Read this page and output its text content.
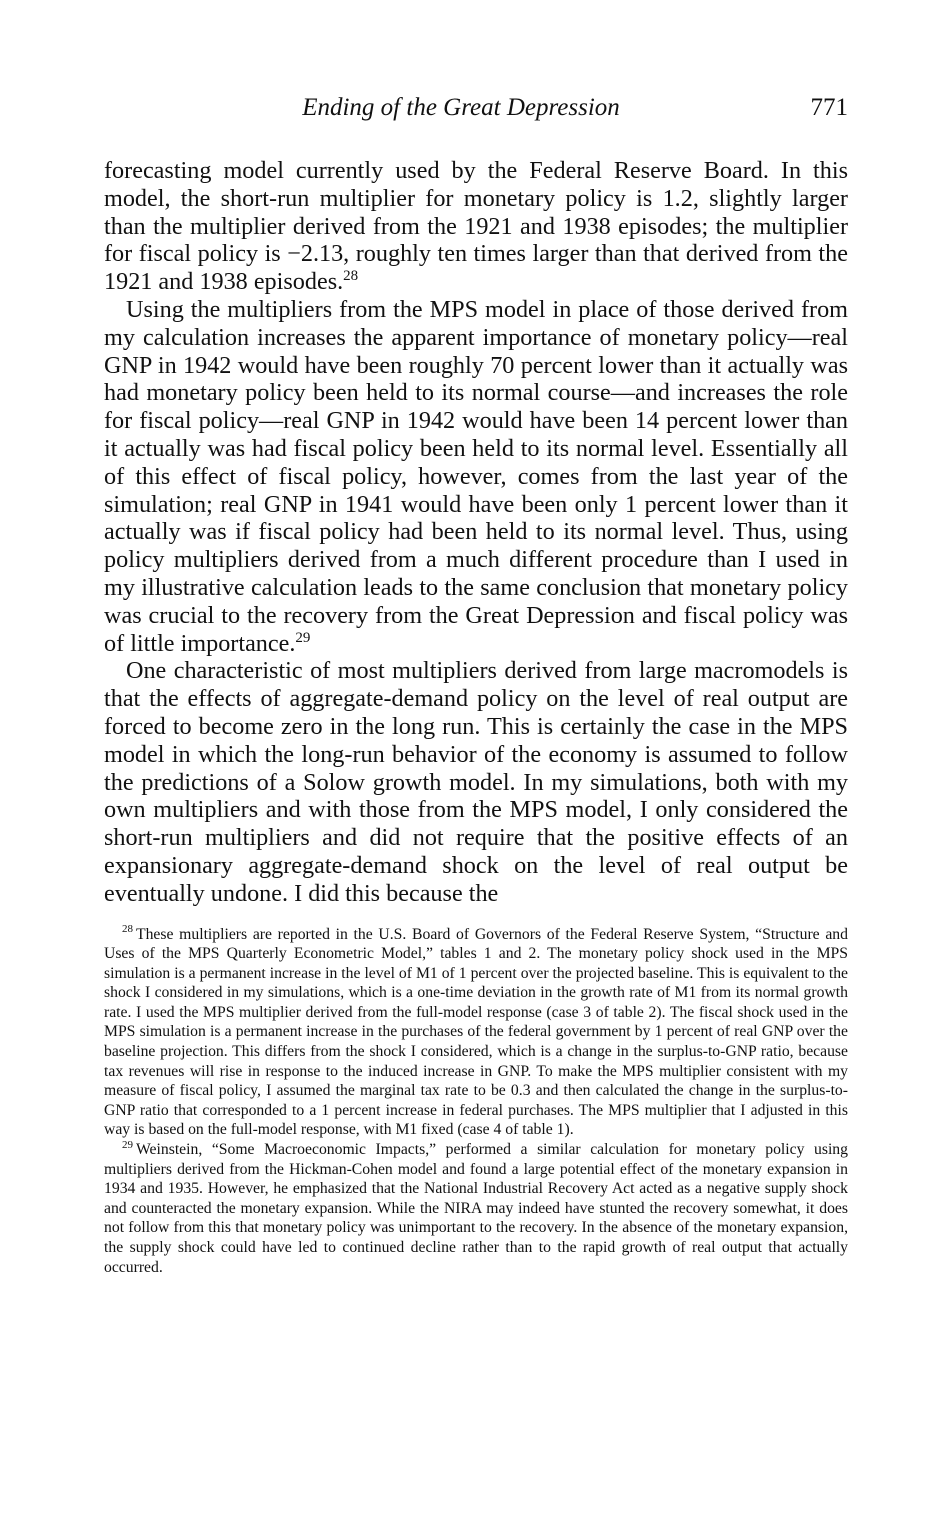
Ending of the Great Depression	771

forecasting model currently used by the Federal Reserve Board. In this model, the short-run multiplier for monetary policy is 1.2, slightly larger than the multiplier derived from the 1921 and 1938 episodes; the multiplier for fiscal policy is −2.13, roughly ten times larger than that derived from the 1921 and 1938 episodes.$^{28}$

Using the multipliers from the MPS model in place of those derived from my calculation increases the apparent importance of monetary policy—real GNP in 1942 would have been roughly 70 percent lower than it actually was had monetary policy been held to its normal course—and increases the role for fiscal policy—real GNP in 1942 would have been 14 percent lower than it actually was had fiscal policy been held to its normal level. Essentially all of this effect of fiscal policy, however, comes from the last year of the simulation; real GNP in 1941 would have been only 1 percent lower than it actually was if fiscal policy had been held to its normal level. Thus, using policy multipliers derived from a much different procedure than I used in my illustrative calculation leads to the same conclusion that monetary policy was crucial to the recovery from the Great Depression and fiscal policy was of little importance.$^{29}$

One characteristic of most multipliers derived from large macromodels is that the effects of aggregate-demand policy on the level of real output are forced to become zero in the long run. This is certainly the case in the MPS model in which the long-run behavior of the economy is assumed to follow the predictions of a Solow growth model. In my simulations, both with my own multipliers and with those from the MPS model, I only considered the short-run multipliers and did not require that the positive effects of an expansionary aggregate-demand shock on the level of real output be eventually undone. I did this because the

$^{28}$ These multipliers are reported in the U.S. Board of Governors of the Federal Reserve System, “Structure and Uses of the MPS Quarterly Econometric Model,” tables 1 and 2. The monetary policy shock used in the MPS simulation is a permanent increase in the level of M1 of 1 percent over the projected baseline. This is equivalent to the shock I considered in my simulations, which is a one-time deviation in the growth rate of M1 from its normal growth rate. I used the MPS multiplier derived from the full-model response (case 3 of table 2). The fiscal shock used in the MPS simulation is a permanent increase in the purchases of the federal government by 1 percent of real GNP over the baseline projection. This differs from the shock I considered, which is a change in the surplus-to-GNP ratio, because tax revenues will rise in response to the induced increase in GNP. To make the MPS multiplier consistent with my measure of fiscal policy, I assumed the marginal tax rate to be 0.3 and then calculated the change in the surplus-to-GNP ratio that corresponded to a 1 percent increase in federal purchases. The MPS multiplier that I adjusted in this way is based on the full-model response, with M1 fixed (case 4 of table 1).

$^{29}$ Weinstein, “Some Macroeconomic Impacts,” performed a similar calculation for monetary policy using multipliers derived from the Hickman-Cohen model and found a large potential effect of the monetary expansion in 1934 and 1935. However, he emphasized that the National Industrial Recovery Act acted as a negative supply shock and counteracted the monetary expansion. While the NIRA may indeed have stunted the recovery somewhat, it does not follow from this that monetary policy was unimportant to the recovery. In the absence of the monetary expansion, the supply shock could have led to continued decline rather than to the rapid growth of real output that actually occurred.
